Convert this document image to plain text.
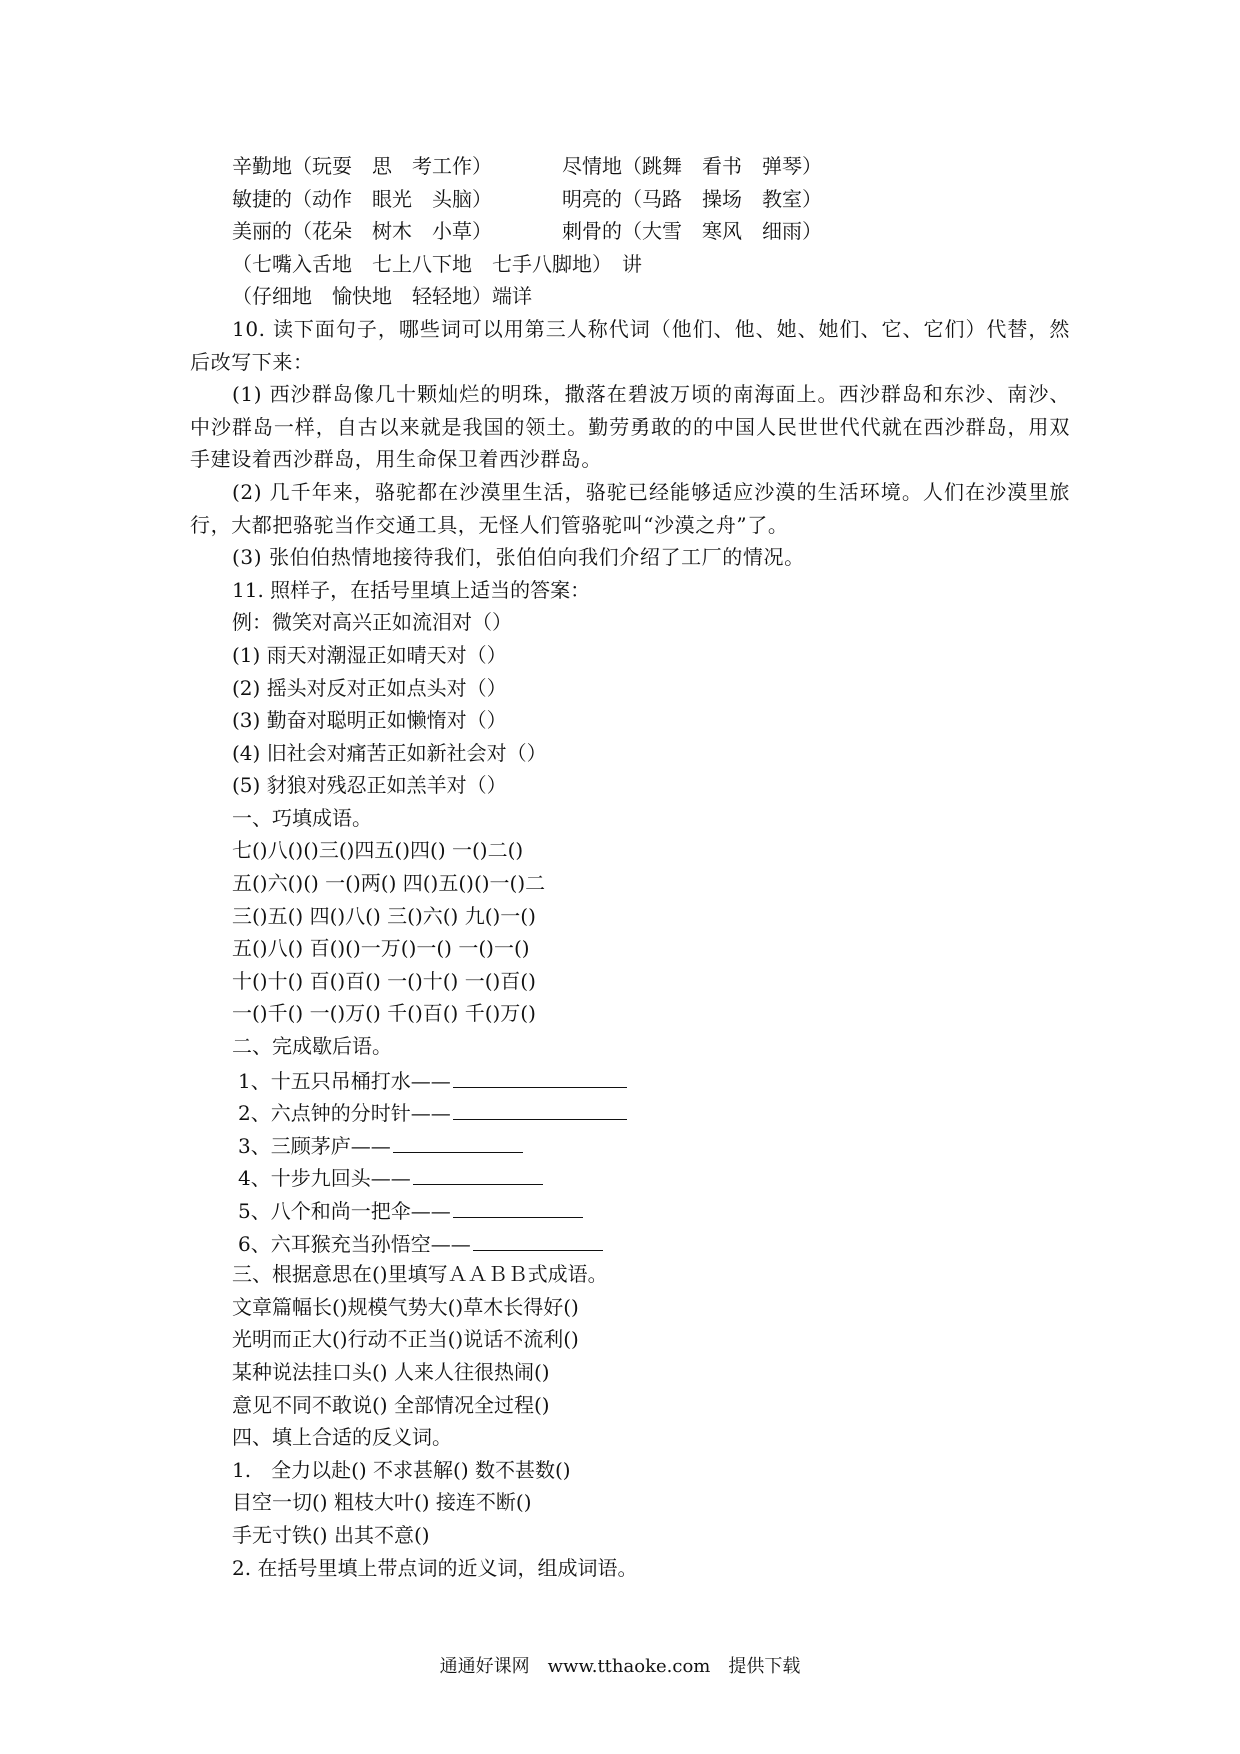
辛勤地（玩耍　思　考工作）	尽情地（跳舞　看书　弹琴）
敏捷的（动作　眼光　头脑）	明亮的（马路　操场　教室）
美丽的（花朵　树木　小草）	刺骨的（大雪　寒风　细雨）
（七嘴入舌地　七上八下地　七手八脚地）　讲
（仔细地　愉快地　轻轻地）端详
10. 读下面句子，哪些词可以用第三人称代词（他们、他、她、她们、它、它们）代替，然后改写下来：
(1) 西沙群岛像几十颗灿烂的明珠，撒落在碧波万顷的南海面上。西沙群岛和东沙、南沙、中沙群岛一样，自古以来就是我国的领土。勤劳勇敢的的中国人民世世代代就在西沙群岛，用双手建设着西沙群岛，用生命保卫着西沙群岛。
(2) 几千年来，骆驼都在沙漠里生活，骆驼已经能够适应沙漠的生活环境。人们在沙漠里旅行，大都把骆驼当作交通工具，无怪人们管骆驼叫“沙漠之舟”了。
(3) 张伯伯热情地接待我们，张伯伯向我们介绍了工厂的情况。
11. 照样子，在括号里填上适当的答案：
例：微笑对高兴正如流泪对（）
(1) 雨天对潮湿正如晴天对（）
(2) 摇头对反对正如点头对（）
(3) 勤奋对聪明正如懒惰对（）
(4) 旧社会对痛苦正如新社会对（）
(5) 豺狼对残忍正如羔羊对（）
一、巧填成语。
七()八()()三()四五()四() 一()二()
五()六()() 一()两() 四()五()()一()二
三()五() 四()八() 三()六() 九()一()
五()八() 百()()一万()一() 一()一()
十()十() 百()百() 一()十() 一()百()
一()千() 一()万() 千()百() 千()万()
二、完成歇后语。
1、十五只吊桶打水——
2、六点钟的分时针——
3、三顾茅庐——
4、十步九回头——
5、八个和尚一把伞——
6、六耳猴充当孙悟空——
三、根据意思在()里填写ＡＡＢＢ式成语。
文章篇幅长()规模气势大()草木长得好()
光明而正大()行动不正当()说话不流利()
某种说法挂口头() 人来人往很热闹()
意见不同不敢说() 全部情况全过程()
四、填上合适的反义词。
1.　全力以赴() 不求甚解() 数不甚数()
目空一切() 粗枝大叶() 接连不断()
手无寸铁() 出其不意()
2. 在括号里填上带点词的近义词，组成词语。
通通好课网　www.tthaoke.com　提供下载
